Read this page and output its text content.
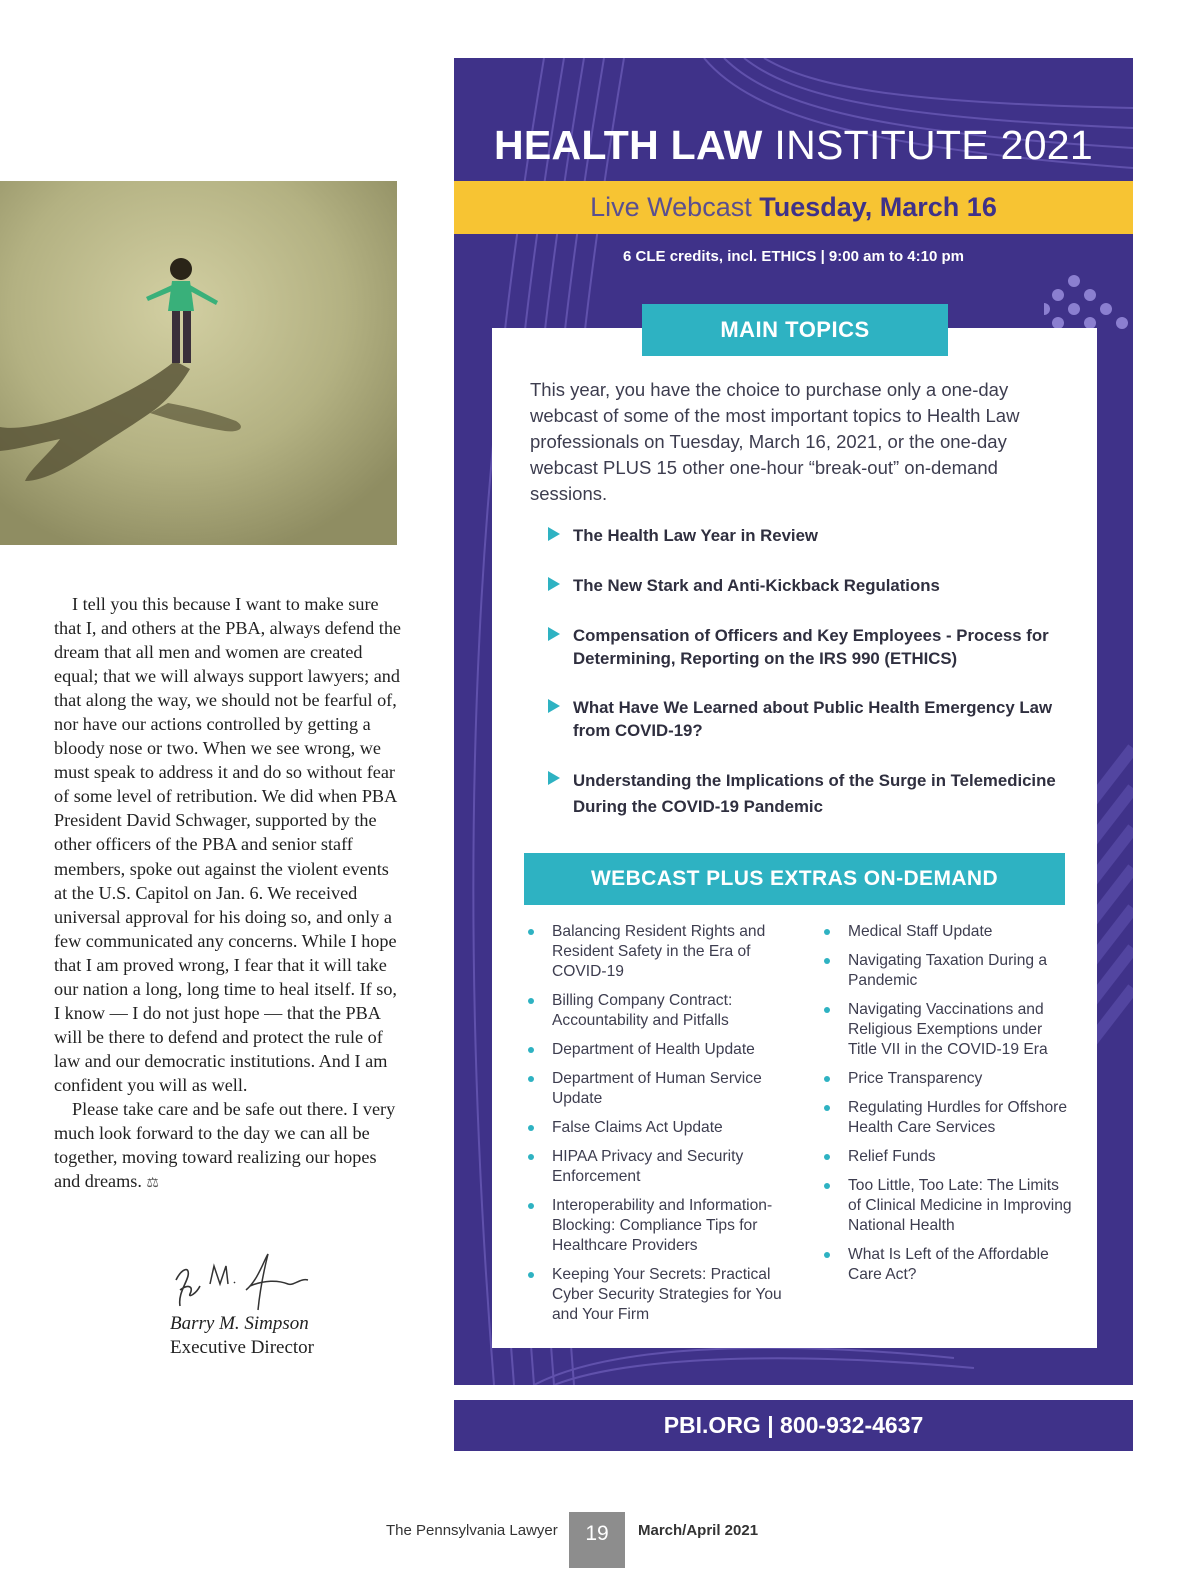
I tell you this because I want to make sure that I, and others at the PBA, always defend the dream that all men and women are created equal; that we will always support lawyers; and that along the way, we should not be fearful of, nor have our actions controlled by getting a bloody nose or two. When we see wrong, we must speak to address it and do so without fear of some level of retribution. We did when PBA President David Schwager, supported by the other officers of the PBA and senior staff members, spoke out against the violent events at the U.S. Capitol on Jan. 6. We received universal approval for his doing so, and only a few communicated any concerns. While I hope that I am proved wrong, I fear that it will take our nation a long, long time to heal itself. If so, I know — I do not just hope — that the PBA will be there to defend and protect the rule of law and our democratic institutions. And I am confident you will as well.

Please take care and be safe out there. I very much look forward to the day we can all be together, moving toward realizing our hopes and dreams. ⚖

Barry M. Simpson
Executive Director
HEALTH LAW INSTITUTE 2021
Live Webcast Tuesday, March 16
6 CLE credits, incl. ETHICS | 9:00 am to 4:10 pm
MAIN TOPICS
This year, you have the choice to purchase only a one-day webcast of some of the most important topics to Health Law professionals on Tuesday, March 16, 2021, or the one-day webcast PLUS 15 other one-hour “break-out” on-demand sessions.
The Health Law Year in Review
The New Stark and Anti-Kickback Regulations
Compensation of Officers and Key Employees - Process for Determining, Reporting on the IRS 990 (ETHICS)
What Have We Learned about Public Health Emergency Law from COVID-19?
Understanding the Implications of the Surge in Telemedicine During the COVID-19 Pandemic
WEBCAST PLUS EXTRAS ON-DEMAND
Balancing Resident Rights and Resident Safety in the Era of COVID-19
Billing Company Contract: Accountability and Pitfalls
Department of Health Update
Department of Human Service Update
False Claims Act Update
HIPAA Privacy and Security Enforcement
Interoperability and Information-Blocking: Compliance Tips for Healthcare Providers
Keeping Your Secrets: Practical Cyber Security Strategies for You and Your Firm
Medical Staff Update
Navigating Taxation During a Pandemic
Navigating Vaccinations and Religious Exemptions under Title VII in the COVID-19 Era
Price Transparency
Regulating Hurdles for Offshore Health Care Services
Relief Funds
Too Little, Too Late: The Limits of Clinical Medicine in Improving National Health
What Is Left of the Affordable Care Act?
PBI.ORG | 800-932-4637
The Pennsylvania Lawyer	19	March/April 2021
